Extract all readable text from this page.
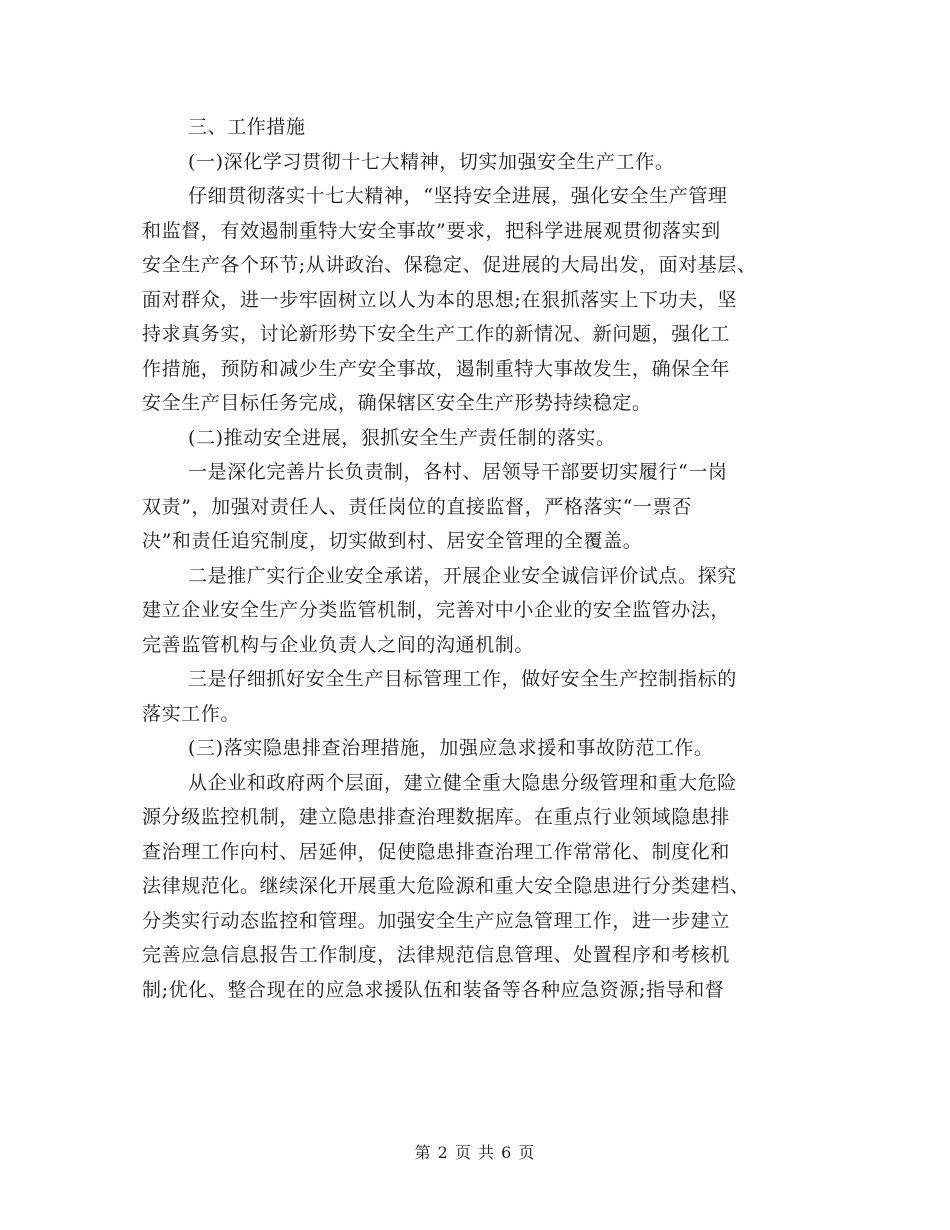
三、工作措施
(一)深化学习贯彻十七大精神，切实加强安全生产工作。
仔细贯彻落实十七大精神，“坚持安全进展，强化安全生产管理
和监督，有效遏制重特大安全事故”要求，把科学进展观贯彻落实到
安全生产各个环节;从讲政治、保稳定、促进展的大局出发，面对基层、
面对群众，进一步牢固树立以人为本的思想;在狠抓落实上下功夫，坚
持求真务实，讨论新形势下安全生产工作的新情况、新问题，强化工
作措施，预防和减少生产安全事故，遏制重特大事故发生，确保全年
安全生产目标任务完成，确保辖区安全生产形势持续稳定。
(二)推动安全进展，狠抓安全生产责任制的落实。
一是深化完善片长负责制，各村、居领导干部要切实履行“一岗
双责”，加强对责任人、责任岗位的直接监督，严格落实“一票否
决”和责任追究制度，切实做到村、居安全管理的全覆盖。
二是推广实行企业安全承诺，开展企业安全诚信评价试点。探究
建立企业安全生产分类监管机制，完善对中小企业的安全监管办法，
完善监管机构与企业负责人之间的沟通机制。
三是仔细抓好安全生产目标管理工作，做好安全生产控制指标的
落实工作。
(三)落实隐患排查治理措施，加强应急求援和事故防范工作。
从企业和政府两个层面，建立健全重大隐患分级管理和重大危险
源分级监控机制，建立隐患排查治理数据库。在重点行业领域隐患排
查治理工作向村、居延伸，促使隐患排查治理工作常常化、制度化和
法律规范化。继续深化开展重大危险源和重大安全隐患进行分类建档、
分类实行动态监控和管理。加强安全生产应急管理工作，进一步建立
完善应急信息报告工作制度，法律规范信息管理、处置程序和考核机
制;优化、整合现在的应急求援队伍和装备等各种应急资源;指导和督
第 2 页 共 6 页
